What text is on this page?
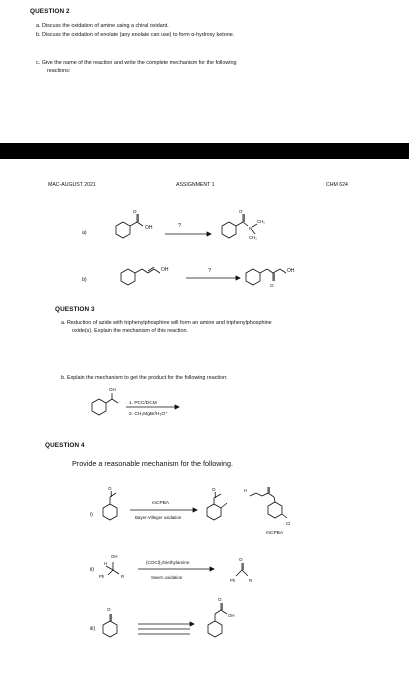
QUESTION 2
a. Discuss the oxidation of amine using a chiral oxidant.
b. Discuss the oxidation of enolate (any enolate can use) to form α-hydroxy ketone.
c. Give the name of the reaction and write the complete mechanism for the following
reactions:
MAC-AUGUST 2021	ASSIGNMENT 1	CHM 624
a)
b)
QUESTION 3
a. Reduction of azide with triphenylphosphine will form an amine and triphenylphosphine
oxide(s). Explain the mechanism of this reaction.
b. Explain the mechanism to get the product for the following reaction:
QUESTION 4
Provide a reasonable mechanism for the following.
i)
ii)
iii)
O
OH	?
O
N
CH₃
CH₃
OH	?
O
OH
OH
1. PCC/DCM
2. CH₃MgBr/H₃O⁺
O
mCPBA
Bayer-Villeger oxidation
O	H
Cl
mCPBA
OH
H
Ph	R
(COCl)₂/triethylamine
Swern oxidation
O
Ph	R
O
O
OH
